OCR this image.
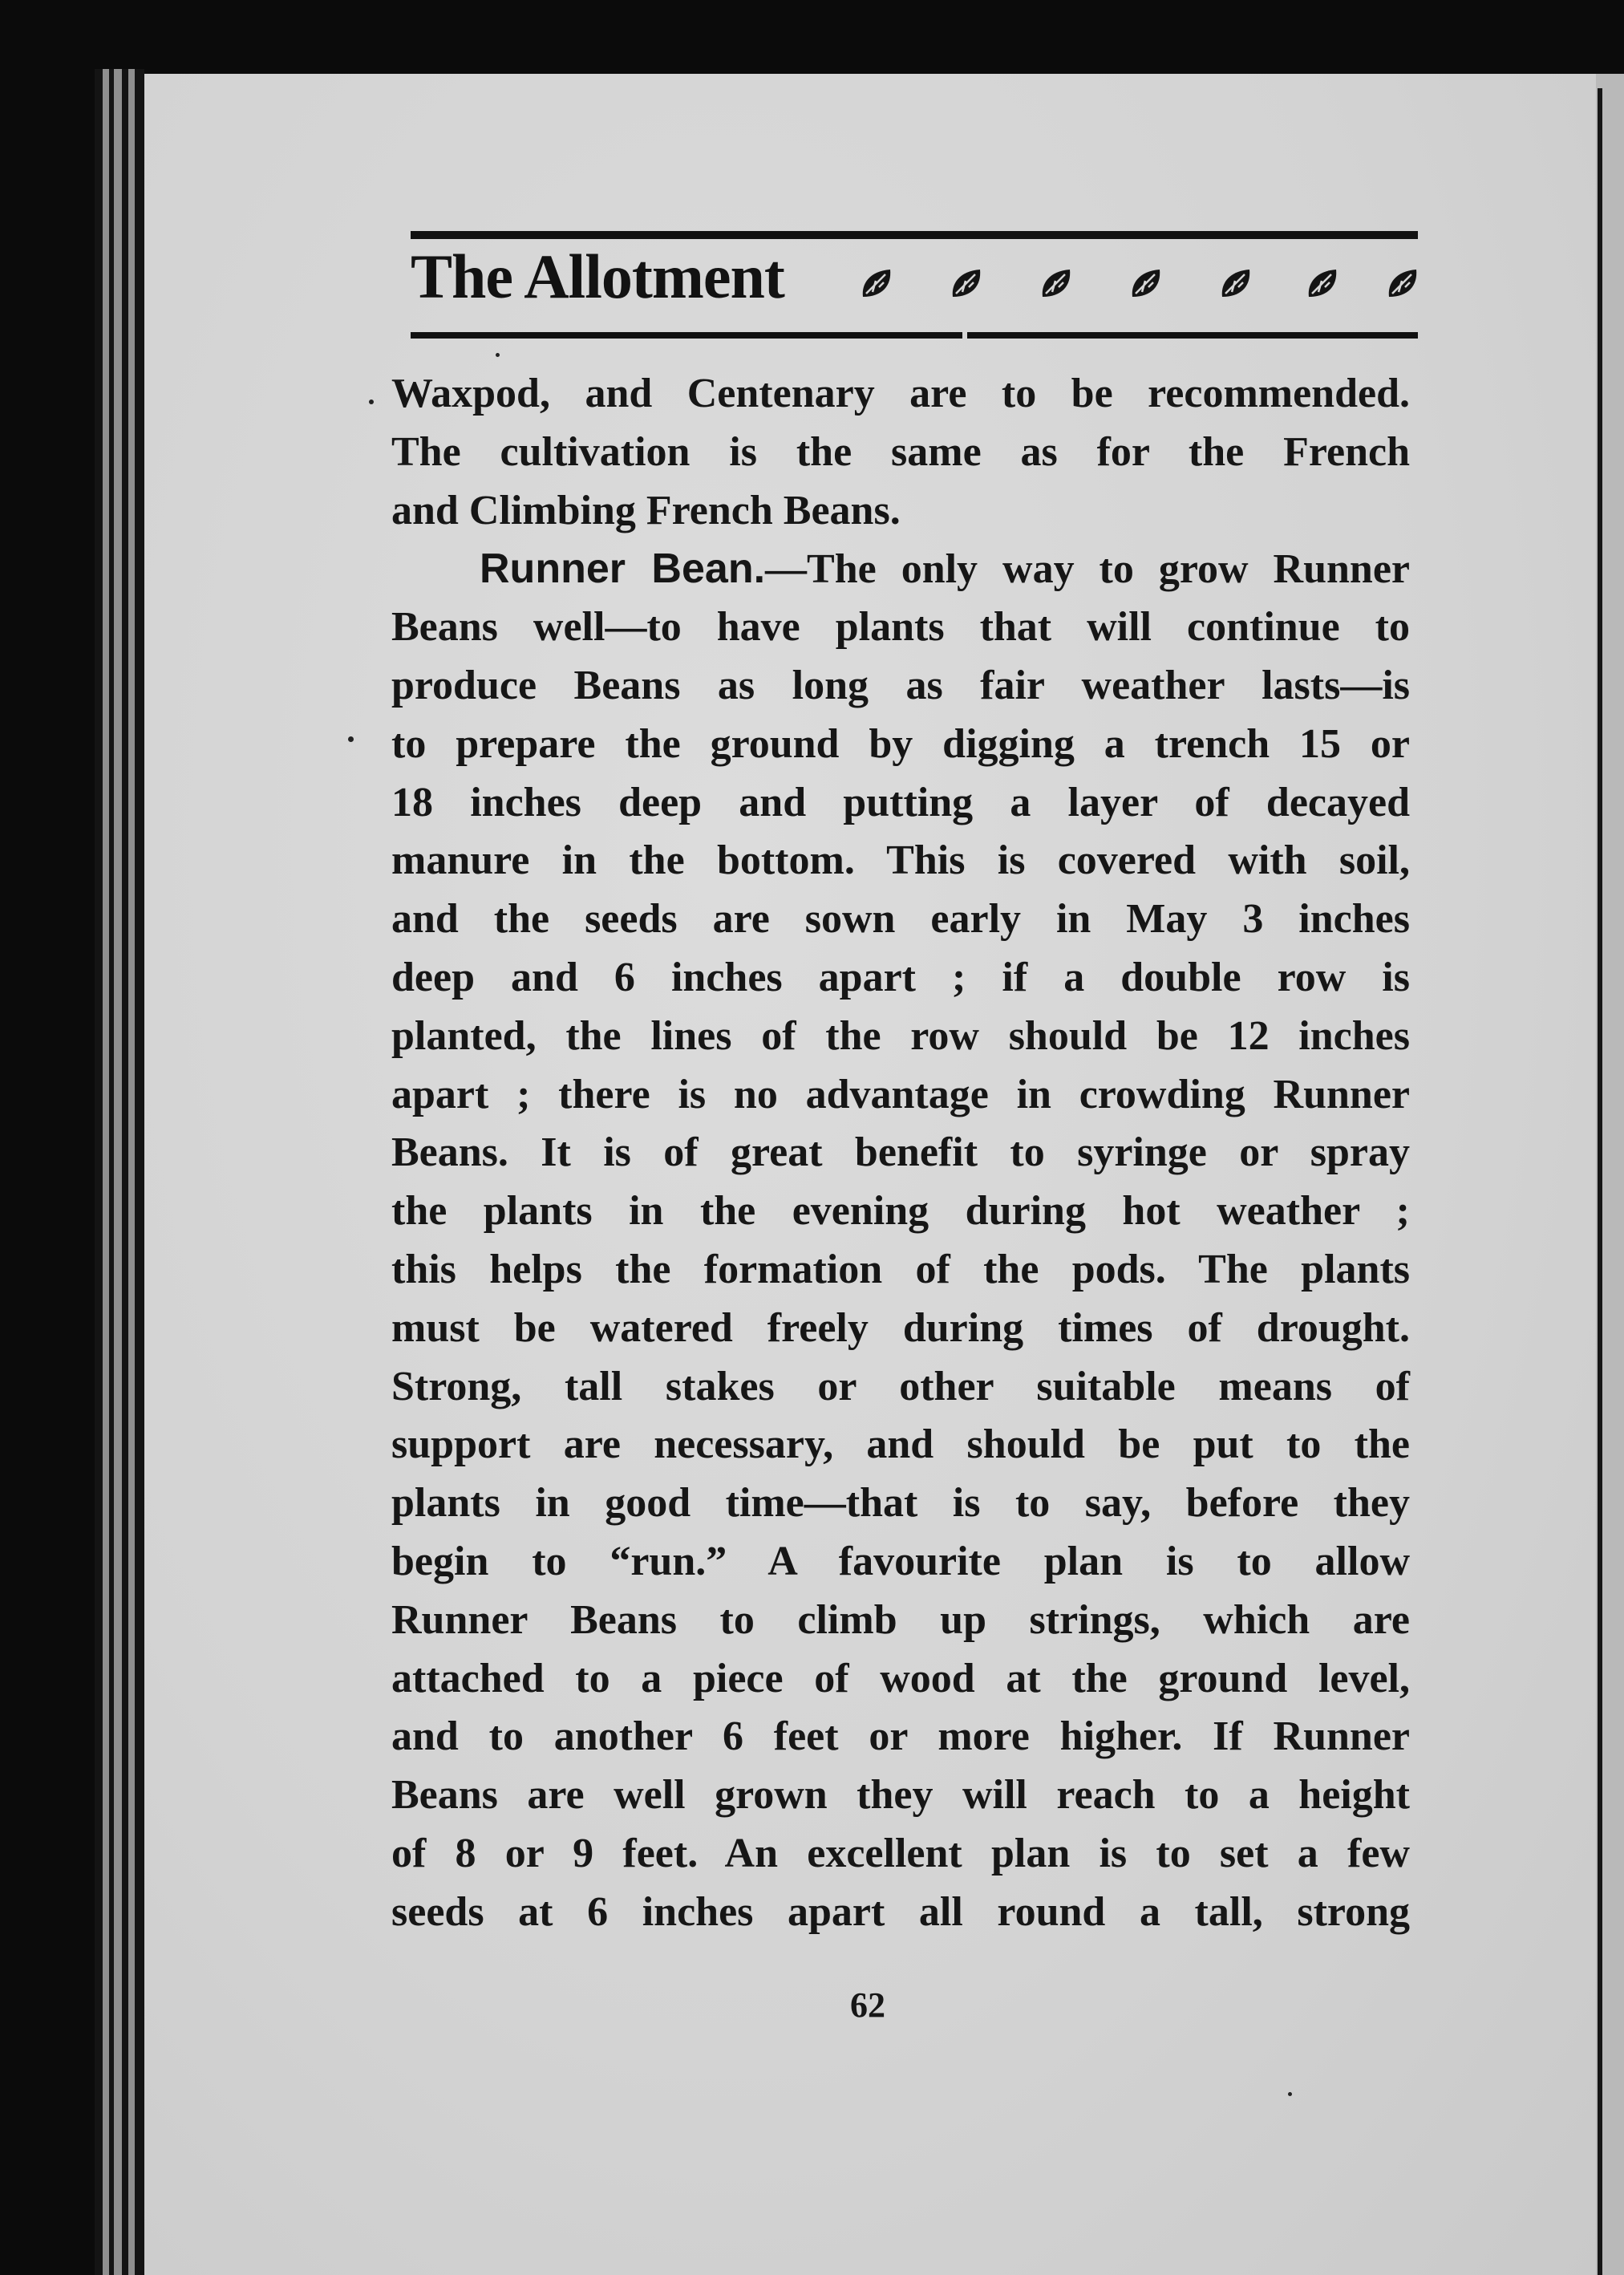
The Allotment
Waxpod, and Centenary are to be recommended.
The cultivation is the same as for the French
and Climbing French Beans.
Runner Bean.—The only way to grow Runner
Beans well—to have plants that will continue to
produce Beans as long as fair weather lasts—is
to prepare the ground by digging a trench 15 or
18 inches deep and putting a layer of decayed
manure in the bottom. This is covered with soil,
and the seeds are sown early in May 3 inches
deep and 6 inches apart ; if a double row is
planted, the lines of the row should be 12 inches
apart ; there is no advantage in crowding Runner
Beans. It is of great benefit to syringe or spray
the plants in the evening during hot weather ;
this helps the formation of the pods. The plants
must be watered freely during times of drought.
Strong, tall stakes or other suitable means of
support are necessary, and should be put to the
plants in good time—that is to say, before they
begin to “run.” A favourite plan is to allow
Runner Beans to climb up strings, which are
attached to a piece of wood at the ground level,
and to another 6 feet or more higher. If Runner
Beans are well grown they will reach to a height
of 8 or 9 feet. An excellent plan is to set a few
seeds at 6 inches apart all round a tall, strong
62
